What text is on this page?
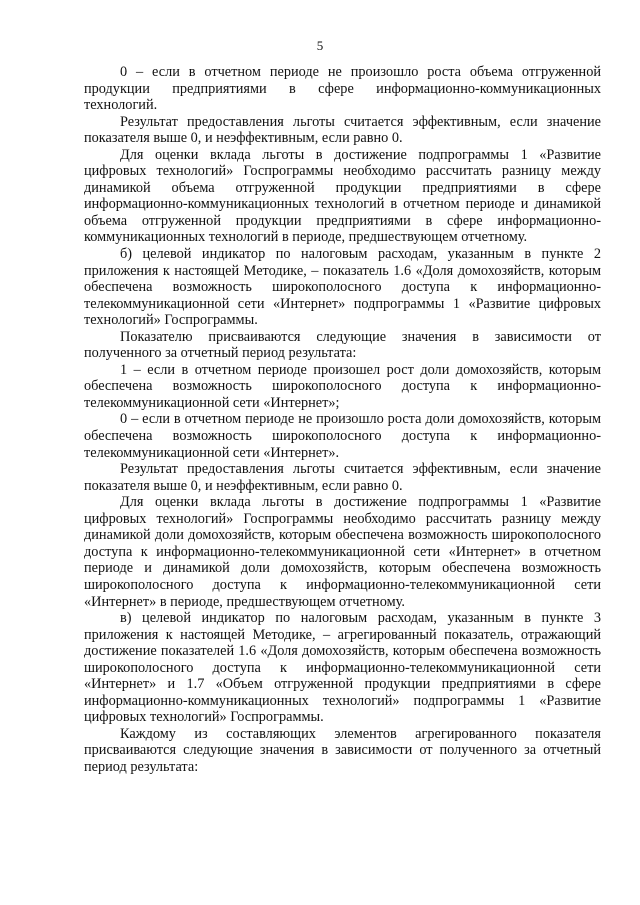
5

0 – если в отчетном периоде не произошло роста объема отгруженной продукции предприятиями в сфере информационно-коммуникационных технологий.

Результат предоставления льготы считается эффективным, если значение показателя выше 0, и неэффективным, если равно 0.

Для оценки вклада льготы в достижение подпрограммы 1 «Развитие цифровых технологий» Госпрограммы необходимо рассчитать разницу между динамикой объема отгруженной продукции предприятиями в сфере информационно-коммуникационных технологий в отчетном периоде и динамикой объема отгруженной продукции предприятиями в сфере информационно-коммуникационных технологий в периоде, предшествующем отчетному.

б) целевой индикатор по налоговым расходам, указанным в пункте 2 приложения к настоящей Методике, – показатель 1.6 «Доля домохозяйств, которым обеспечена возможность широкополосного доступа к информационно-телекоммуникационной сети «Интернет» подпрограммы 1 «Развитие цифровых технологий» Госпрограммы.

Показателю присваиваются следующие значения в зависимости от полученного за отчетный период результата:

1 – если в отчетном периоде произошел рост доли домохозяйств, которым обеспечена возможность широкополосного доступа к информационно-телекоммуникационной сети «Интернет»;

0 – если в отчетном периоде не произошло роста доли домохозяйств, которым обеспечена возможность широкополосного доступа к информационно-телекоммуникационной сети «Интернет».

Результат предоставления льготы считается эффективным, если значение показателя выше 0, и неэффективным, если равно 0.

Для оценки вклада льготы в достижение подпрограммы 1 «Развитие цифровых технологий» Госпрограммы необходимо рассчитать разницу между динамикой доли домохозяйств, которым обеспечена возможность широкополосного доступа к информационно-телекоммуникационной сети «Интернет» в отчетном периоде и динамикой доли домохозяйств, которым обеспечена возможность широкополосного доступа к информационно-телекоммуникационной сети «Интернет» в периоде, предшествующем отчетному.

в) целевой индикатор по налоговым расходам, указанным в пункте 3 приложения к настоящей Методике, – агрегированный показатель, отражающий достижение показателей 1.6 «Доля домохозяйств, которым обеспечена возможность широкополосного доступа к информационно-телекоммуникационной сети «Интернет» и 1.7 «Объем отгруженной продукции предприятиями в сфере информационно-коммуникационных технологий» подпрограммы 1 «Развитие цифровых технологий» Госпрограммы.

Каждому из составляющих элементов агрегированного показателя присваиваются следующие значения в зависимости от полученного за отчетный период результата:
